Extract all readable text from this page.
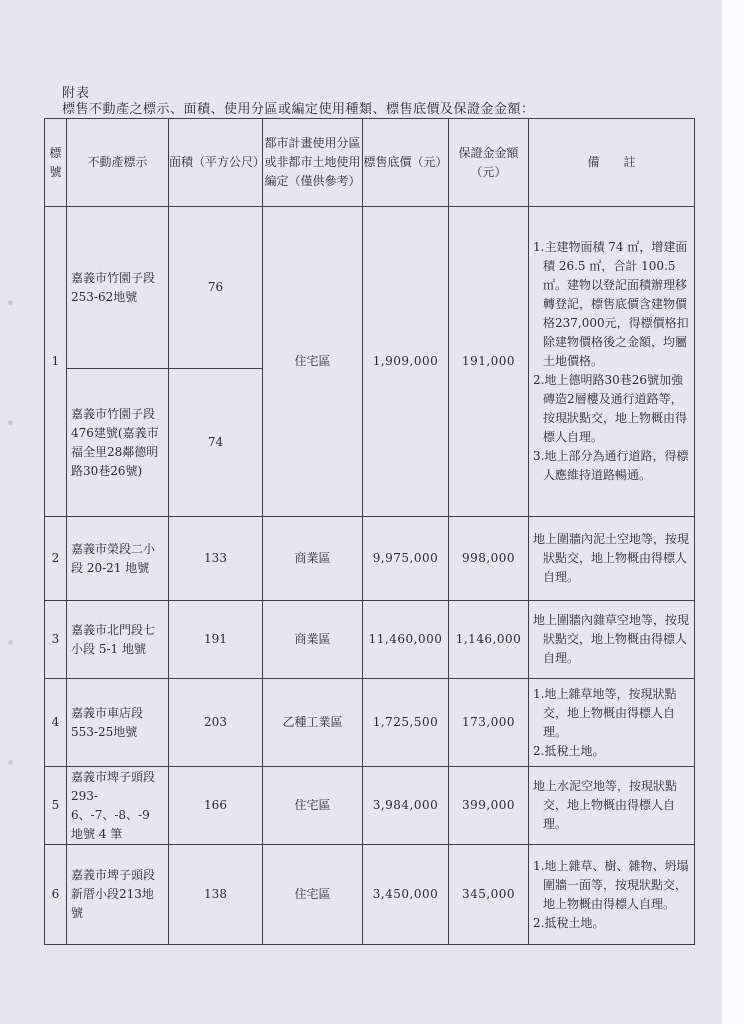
附表
標售不動產之標示、面積、使用分區或編定使用種類、標售底價及保證金金額：
標號	不動產標示	面積（平方公尺）	都市計畫使用分區或非都市土地使用編定（僅供參考）	標售底價（元）	保證金金額（元）	備　　註
1	嘉義市竹園子段253-62地號	76	住宅區	1,909,000	191,000	1.主建物面積 74 ㎡，增建面積 26.5 ㎡，合計 100.5 ㎡。建物以登記面積辦理移轉登記，標售底價含建物價格237,000元，得標價格扣除建物價格後之金額，均屬土地價格。
2.地上德明路30巷26號加強磚造2層樓及通行道路等，按現狀點交，地上物概由得標人自理。
3.地上部分為通行道路，得標人應維持道路暢通。

	嘉義市竹園子段476建號(嘉義市福全里28鄰德明路30巷26號)	74				
2	嘉義市榮段二小段 20-21 地號	133	商業區	9,975,000	998,000	地上圍牆內泥土空地等，按現狀點交，地上物概由得標人自理。

3	嘉義市北門段七小段 5-1 地號	191	商業區	11,460,000	1,146,000	地上圍牆內雜草空地等，按現狀點交，地上物概由得標人自理。

4	嘉義市車店段553-25地號	203	乙種工業區	1,725,500	173,000	1.地上雜草地等，按現狀點交，地上物概由得標人自理。
2.抵稅土地。

5	嘉義市埤子頭段293-6、-7、-8、-9 地號 4 筆	166	住宅區	3,984,000	399,000	地上水泥空地等，按現狀點交，地上物概由得標人自理。

6	嘉義市埤子頭段新厝小段213地號	138	住宅區	3,450,000	345,000	1.地上雜草、樹、雜物、坍塌圍牆一面等，按現狀點交，地上物概由得標人自理。
2.抵稅土地。
